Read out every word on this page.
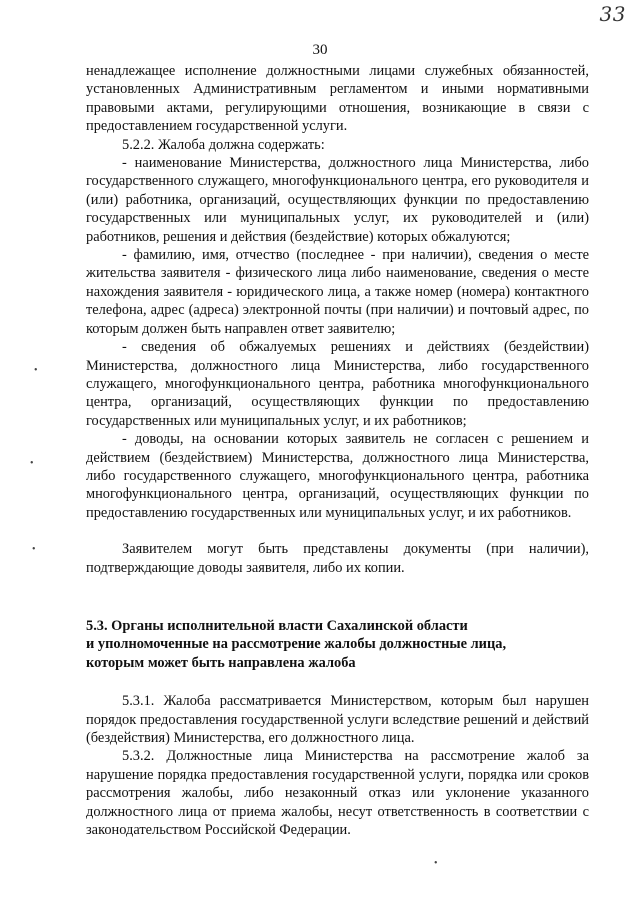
33
30
•
•
•
•

ненадлежащее исполнение должностными лицами служебных обязанностей, установленных Административным регламентом и иными нормативными правовыми актами, регулирующими отношения, возникающие в связи с предоставлением государственной услуги.

5.2.2. Жалоба должна содержать:

- наименование Министерства, должностного лица Министерства, либо государственного служащего, многофункционального центра, его руководителя и (или) работника, организаций, осуществляющих функции по предоставлению государственных или муниципальных услуг, их руководителей и (или) работников, решения и действия (бездействие) которых обжалуются;

- фамилию, имя, отчество (последнее - при наличии), сведения о месте жительства заявителя - физического лица либо наименование, сведения о месте нахождения заявителя - юридического лица, а также номер (номера) контактного телефона, адрес (адреса) электронной почты (при наличии) и почтовый адрес, по которым должен быть направлен ответ заявителю;

- сведения об обжалуемых решениях и действиях (бездействии) Министерства, должностного лица Министерства, либо государственного служащего, многофункционального центра, работника многофункционального центра, организаций, осуществляющих функции по предоставлению государственных или муниципальных услуг, и их работников;

- доводы, на основании которых заявитель не согласен с решением и действием (бездействием) Министерства, должностного лица Министерства, либо государственного служащего, многофункционального центра, работника многофункционального центра, организаций, осуществляющих функции по предоставлению государственных или муниципальных услуг, и их работников.

Заявителем могут быть представлены документы (при наличии), подтверждающие доводы заявителя, либо их копии.

5.3. Органы исполнительной власти Сахалинской области

и уполномоченные на рассмотрение жалобы должностные лица,

которым может быть направлена жалоба

5.3.1. Жалоба рассматривается Министерством, которым был нарушен порядок предоставления государственной услуги вследствие решений и действий (бездействия) Министерства, его должностного лица.

5.3.2. Должностные лица Министерства на рассмотрение жалоб за нарушение порядка предоставления государственной услуги, порядка или сроков рассмотрения жалобы, либо незаконный отказ или уклонение указанного должностного лица от приема жалобы, несут ответственность в соответствии с законодательством Российской Федерации.
